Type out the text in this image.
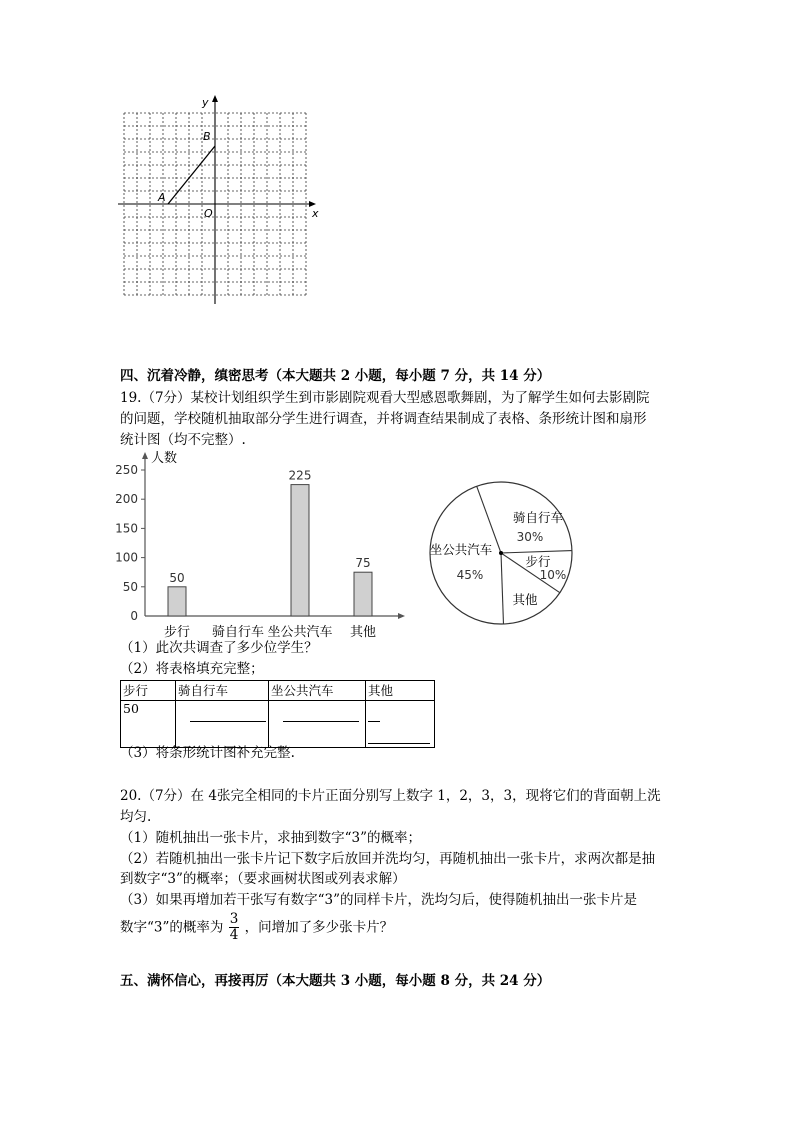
y
x
O
A
B
四、沉着冷静，缜密思考（本大题共 2 小题，每小题 7 分，共 14 分）
19.（7分）某校计划组织学生到市影剧院观看大型感恩歌舞剧，为了解学生如何去影剧院
的问题，学校随机抽取部分学生进行调查，并将调查结果制成了表格、条形统计图和扇形
统计图（均不完整）.
人数
0
50
100
150
200
250
50
步行 骑自行车
225
坐公共汽车
75
其他
骑自行车
30%
步行
10%
其他
坐公共汽车
45%
（1）此次共调查了多少位学生？
（2）将表格填充完整；
步行	骑自行车	坐公共汽车	其他
50			

（3）将条形统计图补充完整.
20.（7分）在 4张完全相同的卡片正面分别写上数字 1，2，3，3，现将它们的背面朝上洗
均匀.
（1）随机抽出一张卡片，求抽到数字“3”的概率；
（2）若随机抽出一张卡片记下数字后放回并洗均匀，再随机抽出一张卡片，求两次都是抽
到数字“3”的概率；（要求画树状图或列表求解）
（3）如果再增加若干张写有数字“3”的同样卡片，洗均匀后，使得随机抽出一张卡片是
数字“3”的概率为 $\frac{3}{4}$ ，问增加了多少张卡片？
五、满怀信心，再接再厉（本大题共 3 小题，每小题 8 分，共 24 分）
